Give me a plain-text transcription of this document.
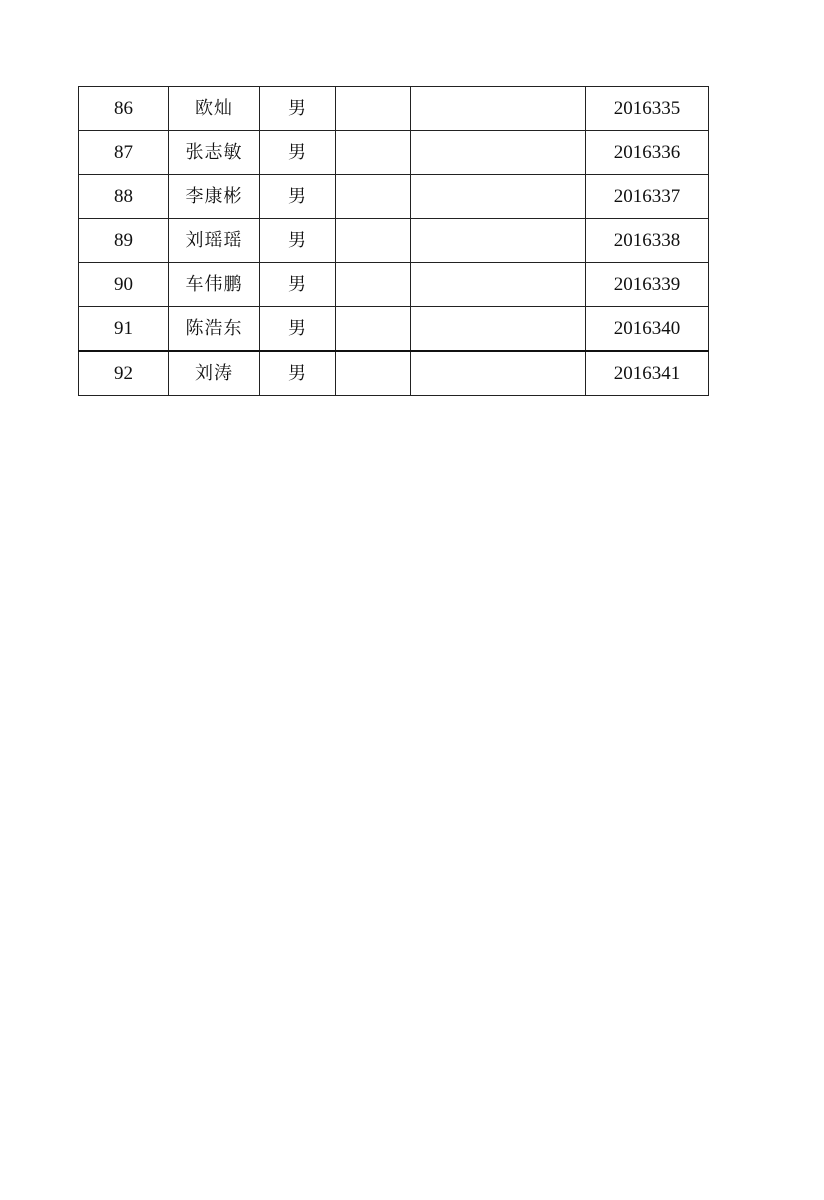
86	欧灿	男			2016335
87	张志敏	男			2016336
88	李康彬	男			2016337
89	刘瑶瑶	男			2016338
90	车伟鹏	男			2016339
91	陈浩东	男			2016340
92	刘涛	男			2016341
